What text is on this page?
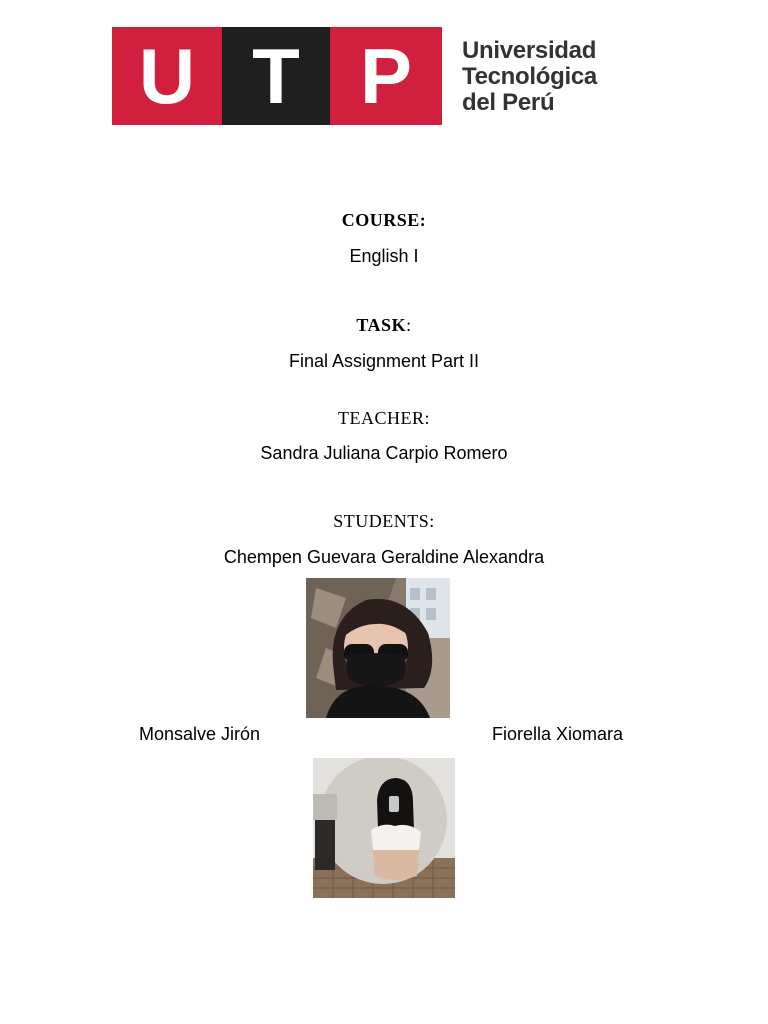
U T P	Universidad
Tecnológica
del Perú
COURSE:
English I
TASK:
Final Assignment Part II
TEACHER:
Sandra Juliana Carpio Romero
STUDENTS:
Chempen Guevara Geraldine Alexandra
Monsalve Jirón	Fiorella Xiomara
